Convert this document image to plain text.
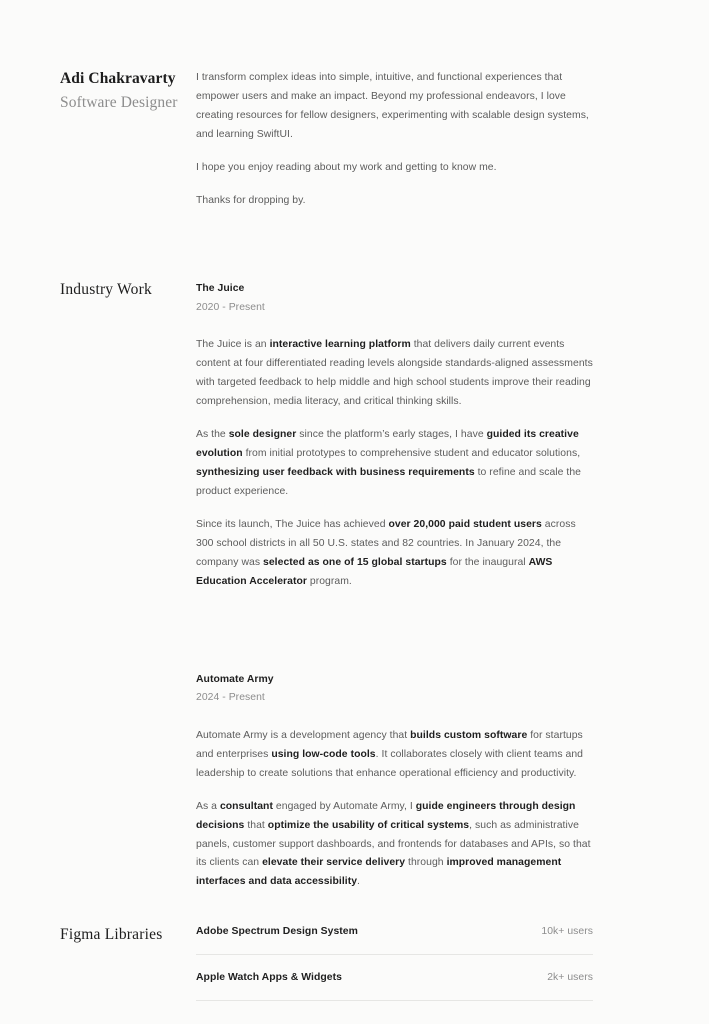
Adi Chakravarty
Software Designer

I transform complex ideas into simple, intuitive, and functional experiences that empower users and make an impact. Beyond my professional endeavors, I love creating resources for fellow designers, experimenting with scalable design systems, and learning SwiftUI.

I hope you enjoy reading about my work and getting to know me.

Thanks for dropping by.

Industry Work	The Juice
2020 - Present

The Juice is an interactive learning platform that delivers daily current events content at four differentiated reading levels alongside standards-aligned assessments with targeted feedback to help middle and high school students improve their reading comprehension, media literacy, and critical thinking skills.

As the sole designer since the platform’s early stages, I have guided its creative evolution from initial prototypes to comprehensive student and educator solutions, synthesizing user feedback with business requirements to refine and scale the product experience.

Since its launch, The Juice has achieved over 20,000 paid student users across 300 school districts in all 50 U.S. states and 82 countries. In January 2024, the company was selected as one of 15 global startups for the inaugural AWS Education Accelerator program.

Automate Army
2024 - Present

Automate Army is a development agency that builds custom software for startups and enterprises using low-code tools. It collaborates closely with client teams and leadership to create solutions that enhance operational efficiency and productivity.

As a consultant engaged by Automate Army, I guide engineers through design decisions that optimize the usability of critical systems, such as administrative panels, customer support dashboards, and frontends for databases and APIs, so that its clients can elevate their service delivery through improved management interfaces and data accessibility.

Figma Libraries	Adobe Spectrum Design System	10k+ users
Apple Watch Apps & Widgets	2k+ users
